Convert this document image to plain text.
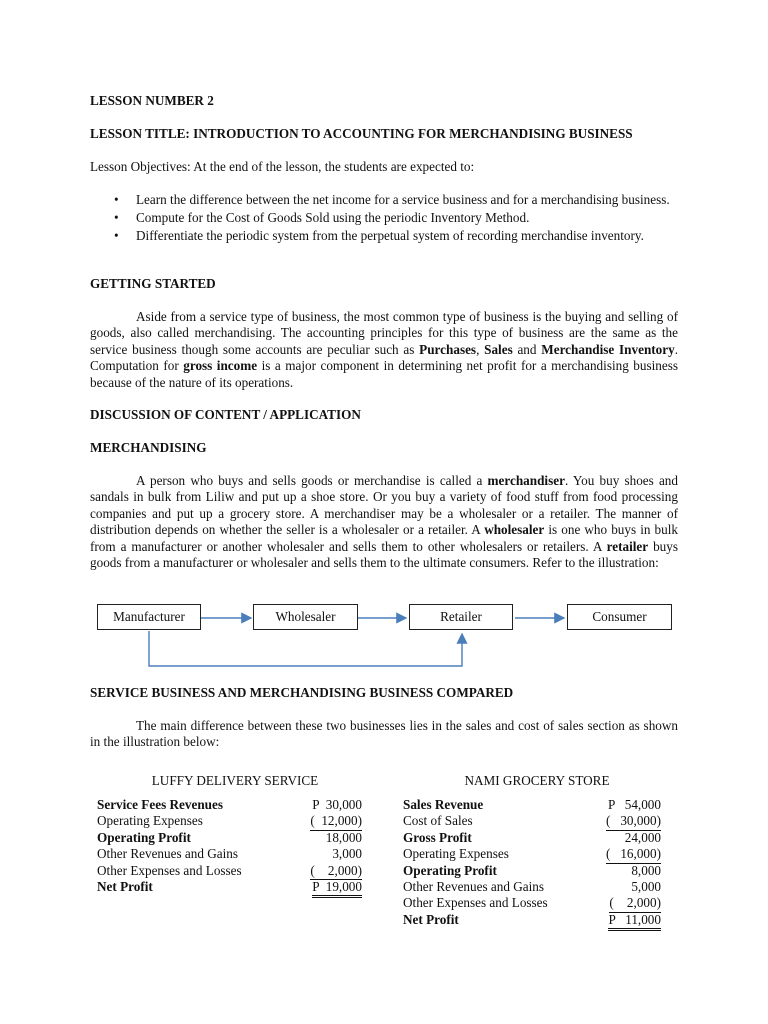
LESSON NUMBER 2
LESSON TITLE: INTRODUCTION TO ACCOUNTING FOR MERCHANDISING BUSINESS
Lesson Objectives: At the end of the lesson, the students are expected to:
• Learn the difference between the net income for a service business and for a merchandising business.
• Compute for the Cost of Goods Sold using the periodic Inventory Method.
• Differentiate the periodic system from the perpetual system of recording merchandise inventory.
GETTING STARTED
Aside from a service type of business, the most common type of business is the buying and selling of goods, also called merchandising. The accounting principles for this type of business are the same as the service business though some accounts are peculiar such as Purchases, Sales and Merchandise Inventory. Computation for gross income is a major component in determining net profit for a merchandising business because of the nature of its operations.
DISCUSSION OF CONTENT / APPLICATION
MERCHANDISING
A person who buys and sells goods or merchandise is called a merchandiser. You buy shoes and sandals in bulk from Liliw and put up a shoe store. Or you buy a variety of food stuff from food processing companies and put up a grocery store. A merchandiser may be a wholesaler or a retailer. The manner of distribution depends on whether the seller is a wholesaler or a retailer. A wholesaler is one who buys in bulk from a manufacturer or another wholesaler and sells them to other wholesalers or retailers. A retailer buys goods from a manufacturer or wholesaler and sells them to the ultimate consumers. Refer to the illustration:
Manufacturer	Wholesaler	Retailer	Consumer
SERVICE BUSINESS AND MERCHANDISING BUSINESS COMPARED
The main difference between these two businesses lies in the sales and cost of sales section as shown in the illustration below:
LUFFY DELIVERY SERVICE
Service Fees Revenues	P  30,000
Operating Expenses	(  12,000)
Operating Profit	18,000
Other Revenues and Gains	3,000
Other Expenses and Losses	(    2,000)
Net Profit	P  19,000
NAMI GROCERY STORE
Sales Revenue	P   54,000
Cost of Sales	(   30,000)
Gross Profit	24,000
Operating Expenses	(   16,000)
Operating Profit	8,000
Other Revenues and Gains	5,000
Other Expenses and Losses	(    2,000)
Net Profit	P   11,000
